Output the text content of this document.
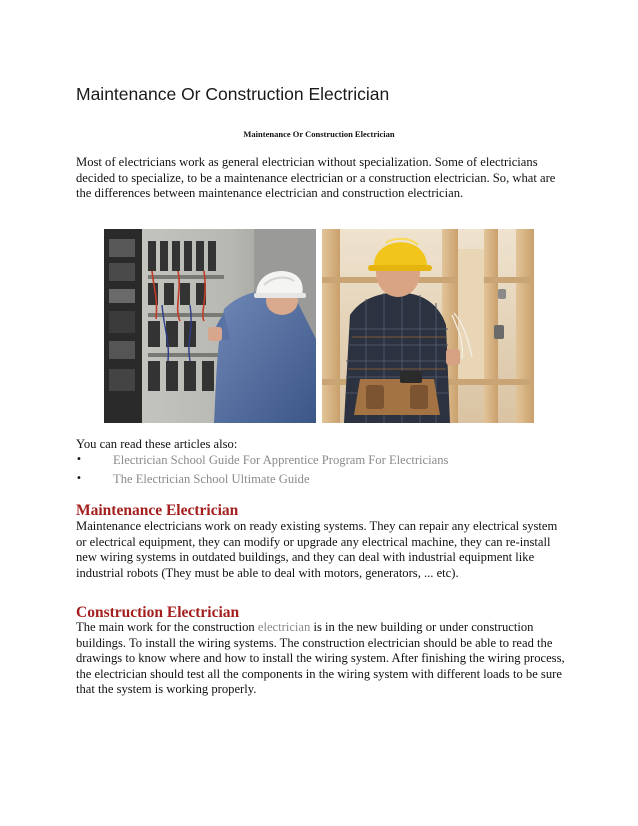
Maintenance Or Construction Electrician
Maintenance Or Construction Electrician

Most of electricians work as general electrician without specialization. Some of electricians decided to specialize, to be a maintenance electrician or a construction electrician. So, what are the differences between maintenance electrician and construction electrician.

You can read these articles also:

• Electrician School Guide For Apprentice Program For Electricians
• The Electrician School Ultimate Guide
Maintenance Electrician

Maintenance electricians work on ready existing systems. They can repair any electrical system or electrical equipment, they can modify or upgrade any electrical machine, they can re-install new wiring systems in outdated buildings, and they can deal with industrial equipment like industrial robots (They must be able to deal with motors, generators, ... etc).

Construction Electrician

The main work for the construction electrician is in the new building or under construction buildings. To install the wiring systems. The construction electrician should be able to read the drawings to know where and how to install the wiring system. After finishing the wiring process, the electrician should test all the components in the wiring system with different loads to be sure that the system is working properly.
